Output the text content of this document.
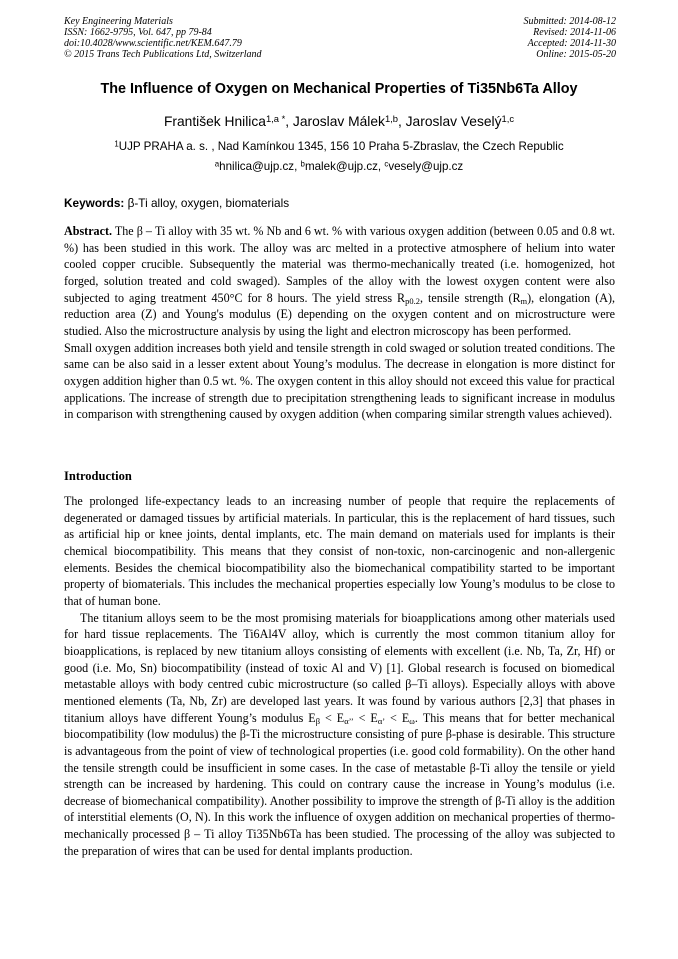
Key Engineering Materials
ISSN: 1662-9795, Vol. 647, pp 79-84
doi:10.4028/www.scientific.net/KEM.647.79
© 2015 Trans Tech Publications Ltd, Switzerland
Submitted: 2014-08-12
Revised: 2014-11-06
Accepted: 2014-11-30
Online: 2015-05-20
The Influence of Oxygen on Mechanical Properties of Ti35Nb6Ta Alloy
František Hnilica$^{1,a *}$, Jaroslav Málek$^{1,b}$, Jaroslav Veselý$^{1,c}$
$^1$UJP PRAHA a. s. , Nad Kamínkou 1345, 156 10 Praha 5-Zbraslav, the Czech Republic
$^a$hnilica@ujp.cz, $^b$malek@ujp.cz, $^c$vesely@ujp.cz
Keywords: β-Ti alloy, oxygen, biomaterials

Abstract. The β – Ti alloy with 35 wt. % Nb and 6 wt. % with various oxygen addition (between 0.05 and 0.8 wt. %) has been studied in this work. The alloy was arc melted in a protective atmosphere of helium into water cooled copper crucible. Subsequently the material was thermo-mechanically treated (i.e. homogenized, hot forged, solution treated and cold swaged). Samples of the alloy with the lowest oxygen content were also subjected to aging treatment 450°C for 8 hours. The yield stress $R_{p0.2}$, tensile strength $(R_m)$, elongation (A), reduction area (Z) and Young's modulus (E) depending on the oxygen content and on microstructure were studied. Also the microstructure analysis by using the light and electron microscopy has been performed.

Small oxygen addition increases both yield and tensile strength in cold swaged or solution treated conditions. The same can be also said in a lesser extent about Young’s modulus. The decrease in elongation is more distinct for oxygen addition higher than 0.5 wt. %. The oxygen content in this alloy should not exceed this value for practical applications. The increase of strength due to precipitation strengthening leads to significant increase in modulus in comparison with strengthening caused by oxygen addition (when comparing similar strength values achieved).

Introduction

The prolonged life-expectancy leads to an increasing number of people that require the replacements of degenerated or damaged tissues by artificial materials. In particular, this is the replacement of hard tissues, such as artificial hip or knee joints, dental implants, etc. The main demand on materials used for implants is their chemical biocompatibility. This means that they consist of non-toxic, non-carcinogenic and non-allergenic elements. Besides the chemical biocompatibility also the biomechanical compatibility started to be important property of biomaterials. This includes the mechanical properties especially low Young’s modulus to be close to that of human bone.

The titanium alloys seem to be the most promising materials for bioapplications among other materials used for hard tissue replacements. The Ti6Al4V alloy, which is currently the most common titanium alloy for bioapplications, is replaced by new titanium alloys consisting of elements with excellent (i.e. Nb, Ta, Zr, Hf) or good (i.e. Mo, Sn) biocompatibility (instead of toxic Al and V) [1]. Global research is focused on biomedical metastable alloys with body centred cubic microstructure (so called β–Ti alloys). Especially alloys with above mentioned elements (Ta, Nb, Zr) are developed last years. It was found by various authors [2,3] that phases in titanium alloys have different Young’s modulus $E_\beta < E_{\alpha’’} < E_{\alpha’} < E_\omega$. This means that for better mechanical biocompatibility (low modulus) the β-Ti the microstructure consisting of pure β-phase is desirable. This structure is advantageous from the point of view of technological properties (i.e. good cold formability). On the other hand the tensile strength could be insufficient in some cases. In the case of metastable β-Ti alloy the tensile or yield strength can be increased by hardening. This could on contrary cause the increase in Young’s modulus (i.e. decrease of biomechanical compatibility). Another possibility to improve the strength of β-Ti alloy is the addition of interstitial elements (O, N). In this work the influence of oxygen addition on mechanical properties of thermo-mechanically processed β – Ti alloy Ti35Nb6Ta has been studied. The processing of the alloy was subjected to the preparation of wires that can be used for dental implants production.
